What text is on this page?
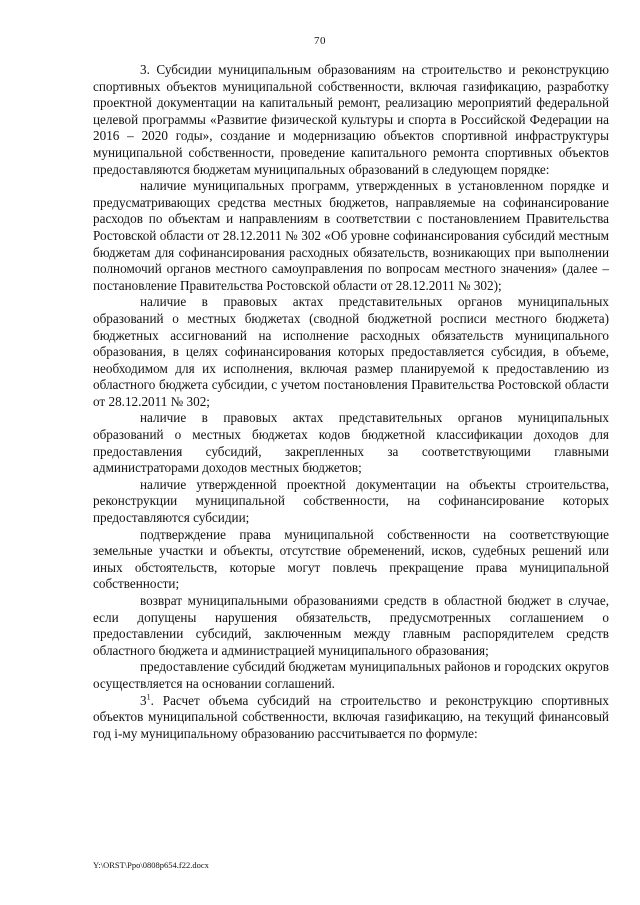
70

3. Субсидии муниципальным образованиям на строительство и реконструкцию спортивных объектов муниципальной собственности, включая газификацию, разработку проектной документации на капитальный ремонт, реализацию мероприятий федеральной целевой программы «Развитие физической культуры и спорта в Российской Федерации на 2016 – 2020 годы», создание и модернизацию объектов спортивной инфраструктуры муниципальной собственности, проведение капитального ремонта спортивных объектов предоставляются бюджетам муниципальных образований в следующем порядке:

наличие муниципальных программ, утвержденных в установленном порядке и предусматривающих средства местных бюджетов, направляемые на софинансирование расходов по объектам и направлениям в соответствии с постановлением Правительства Ростовской области от 28.12.2011 № 302 «Об уровне софинансирования субсидий местным бюджетам для софинансирования расходных обязательств, возникающих при выполнении полномочий органов местного самоуправления по вопросам местного значения» (далее – постановление Правительства Ростовской области от 28.12.2011 № 302);

наличие в правовых актах представительных органов муниципальных образований о местных бюджетах (сводной бюджетной росписи местного бюджета) бюджетных ассигнований на исполнение расходных обязательств муниципального образования, в целях софинансирования которых предоставляется субсидия, в объеме, необходимом для их исполнения, включая размер планируемой к предоставлению из областного бюджета субсидии, с учетом постановления Правительства Ростовской области от 28.12.2011 № 302;

наличие в правовых актах представительных органов муниципальных образований о местных бюджетах кодов бюджетной классификации доходов для предоставления субсидий, закрепленных за соответствующими главными администраторами доходов местных бюджетов;

наличие утвержденной проектной документации на объекты строительства, реконструкции муниципальной собственности, на софинансирование которых предоставляются субсидии;

подтверждение права муниципальной собственности на соответствующие земельные участки и объекты, отсутствие обременений, исков, судебных решений или иных обстоятельств, которые могут повлечь прекращение права муниципальной собственности;

возврат муниципальными образованиями средств в областной бюджет в случае, если допущены нарушения обязательств, предусмотренных соглашением о предоставлении субсидий, заключенным между главным распорядителем средств областного бюджета и администрацией муниципального образования;

предоставление субсидий бюджетам муниципальных районов и городских округов осуществляется на основании соглашений.

$3^1$. Расчет объема субсидий на строительство и реконструкцию спортивных объектов муниципальной собственности, включая газификацию, на текущий финансовый год i-му муниципальному образованию рассчитывается по формуле:

Y:\ORST\Ppo\0808p654.f22.docx
